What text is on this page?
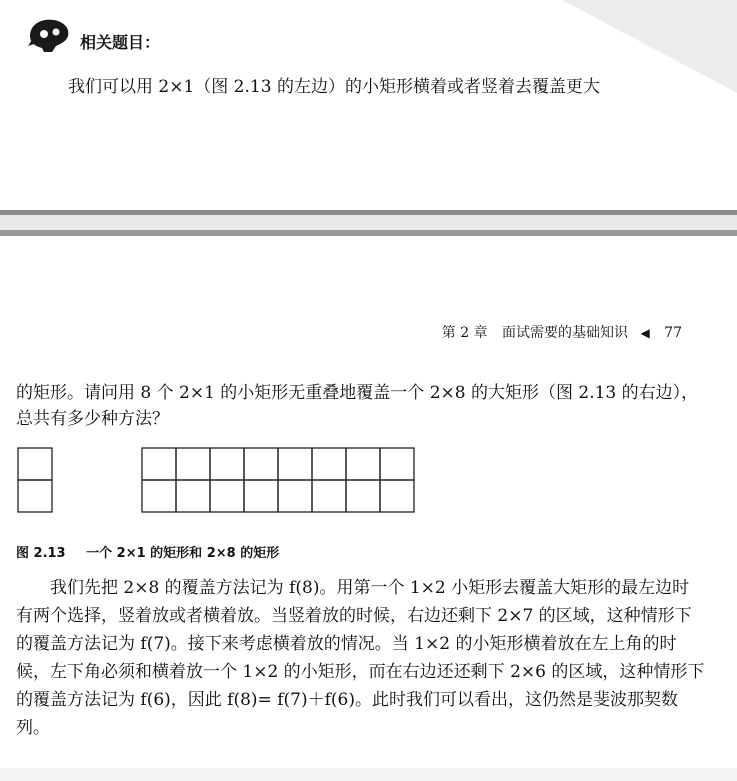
相关题目：
我们可以用 2×1（图 2.13 的左边）的小矩形横着或者竖着去覆盖更大
第 2 章 面试需要的基础知识 ◀ 77
的矩形。请问用 8 个 2×1 的小矩形无重叠地覆盖一个 2×8 的大矩形（图 2.13 的右边），总共有多少种方法？
图 2.13 一个 2×1 的矩形和 2×8 的矩形
我们先把 2×8 的覆盖方法记为 f(8)。用第一个 1×2 小矩形去覆盖大矩形的最左边时有两个选择，竖着放或者横着放。当竖着放的时候，右边还剩下 2×7 的区域，这种情形下的覆盖方法记为 f(7)。接下来考虑横着放的情况。当 1×2 的小矩形横着放在左上角的时候，左下角必须和横着放一个 1×2 的小矩形，而在右边还还剩下 2×6 的区域，这种情形下的覆盖方法记为 f(6)，因此 f(8)= f(7)＋f(6)。此时我们可以看出，这仍然是斐波那契数列。
